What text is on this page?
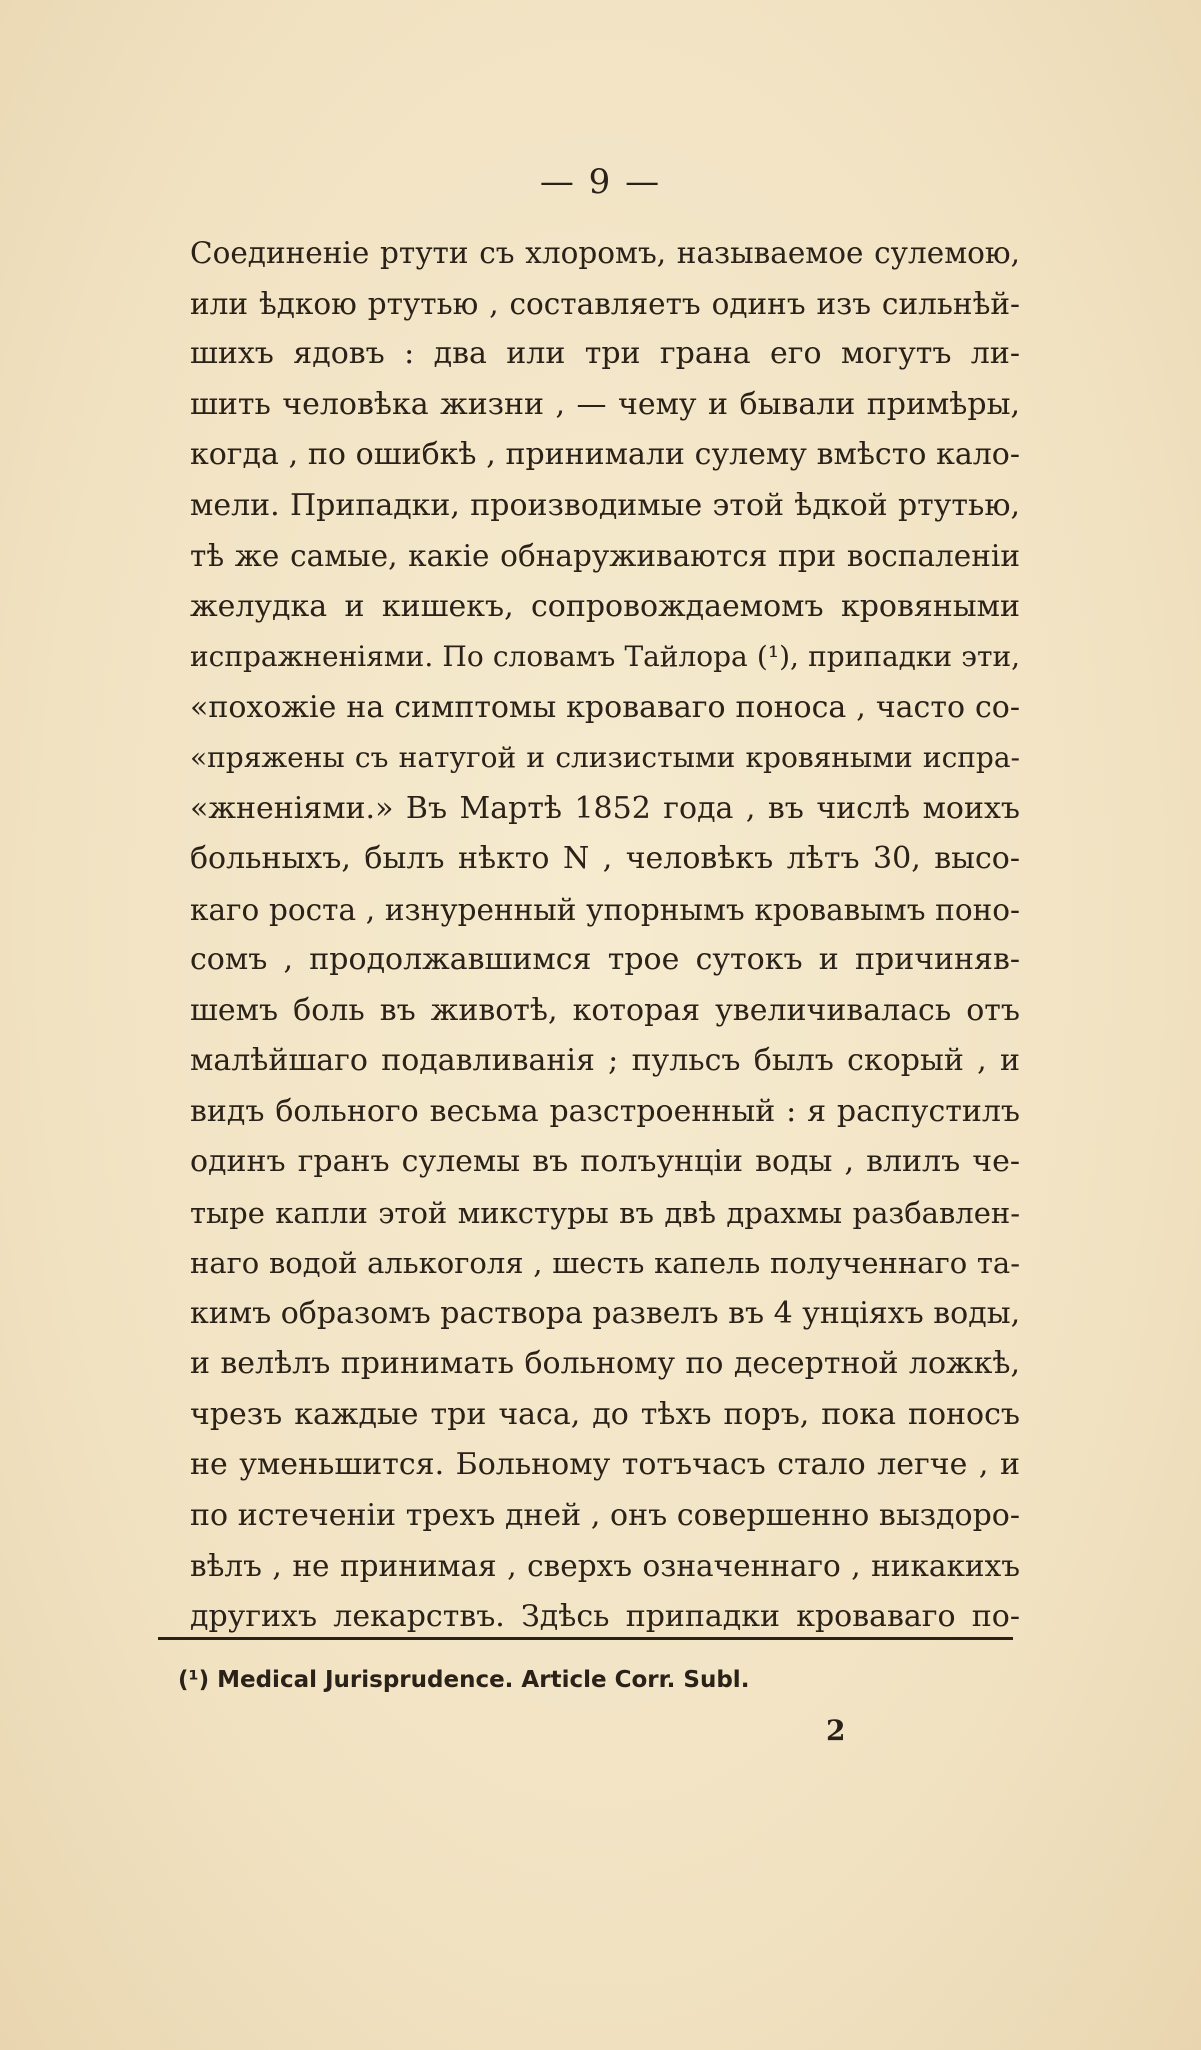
— 9 —
Соединеніе ртути съ хлоромъ, называемое сулемою,
или ѣдкою ртутью , составляетъ одинъ изъ сильнѣй-
шихъ ядовъ : два или три грана его могутъ ли-
шить человѣка жизни , — чему и бывали примѣры,
когда , по ошибкѣ , принимали сулему вмѣсто кало-
мели. Припадки, производимые этой ѣдкой ртутью,
тѣ же самые, какіе обнаруживаются при воспаленіи
желудка и кишекъ, сопровождаемомъ кровяными
испражненіями. По словамъ Тайлора (¹), припадки эти,
«похожіе на симптомы кроваваго поноса , часто со-
«пряжены съ натугой и слизистыми кровяными испра-
«жненіями.» Въ Мартѣ 1852 года , въ числѣ моихъ
больныхъ, былъ нѣкто N , человѣкъ лѣтъ 30, высо-
каго роста , изнуренный упорнымъ кровавымъ поно-
сомъ , продолжавшимся трое сутокъ и причиняв-
шемъ боль въ животѣ, которая увеличивалась отъ
малѣйшаго подавливанія ; пульсъ былъ скорый , и
видъ больного весьма разстроенный : я распустилъ
одинъ гранъ сулемы въ полъунціи воды , влилъ че-
тыре капли этой микстуры въ двѣ драхмы разбавлен-
наго водой алькоголя , шесть капель полученнаго та-
кимъ образомъ раствора развелъ въ 4 унціяхъ воды,
и велѣлъ принимать больному по десертной ложкѣ,
чрезъ каждые три часа, до тѣхъ поръ, пока поносъ
не уменьшится. Больному тотъчасъ стало легче , и
по истеченіи трехъ дней , онъ совершенно выздоро-
вѣлъ , не принимая , сверхъ означеннаго , никакихъ
другихъ лекарствъ. Здѣсь припадки кроваваго по-
(¹) Medical Jurisprudence. Article Corr. Subl.
2
